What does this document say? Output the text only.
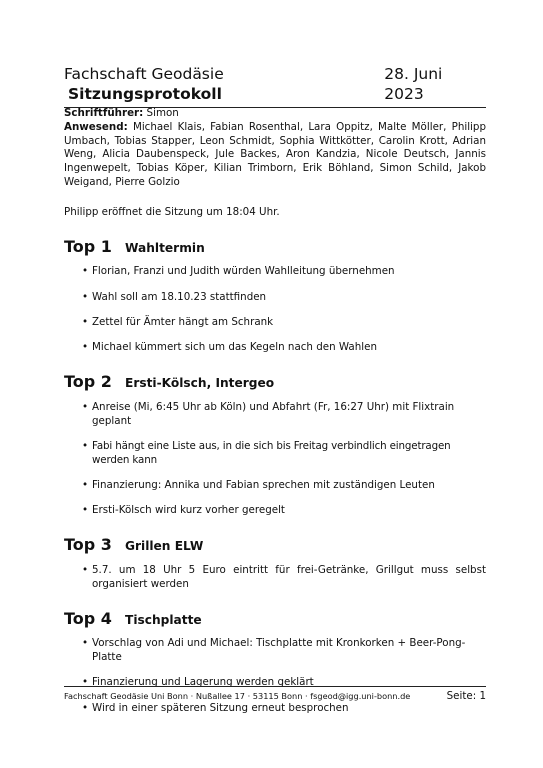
Fachschaft Geodäsie Sitzungsprotokoll
28. Juni 2023

Schriftführer: Simon

Anwesend: Michael Klais, Fabian Rosenthal, Lara Oppitz, Malte Möller, Philipp Umbach, Tobias Stapper, Leon Schmidt, Sophia Wittkötter, Carolin Krott, Adrian Weng, Alicia Daubenspeck, Jule Backes, Aron Kandzia, Nicole Deutsch, Jannis Ingenwepelt, Tobias Köper, Kilian Trimborn, Erik Böhland, Simon Schild, Jakob Weigand, Pierre Golzio

Philipp eröffnet die Sitzung um 18:04 Uhr.

Top 1	Wahltermin
• Florian, Franzi und Judith würden Wahlleitung übernehmen
• Wahl soll am 18.10.23 stattfinden
• Zettel für Ämter hängt am Schrank
• Michael kümmert sich um das Kegeln nach den Wahlen
Top 2	Ersti-Kölsch, Intergeo
• Anreise (Mi, 6:45 Uhr ab Köln) und Abfahrt (Fr, 16:27 Uhr) mit Flixtrain geplant
• Fabi hängt eine Liste aus, in die sich bis Freitag verbindlich eingetragen werden kann
• Finanzierung: Annika und Fabian sprechen mit zuständigen Leuten
• Ersti-Kölsch wird kurz vorher geregelt
Top 3	Grillen ELW
• 5.7. um 18 Uhr 5 Euro eintritt für frei-Getränke, Grillgut muss selbst organisiert werden
Top 4	Tischplatte
• Vorschlag von Adi und Michael: Tischplatte mit Kronkorken + Beer-Pong-Platte
• Finanzierung und Lagerung werden geklärt
• Wird in einer späteren Sitzung erneut besprochen
Fachschaft Geodäsie Uni Bonn · Nußallee 17 · 53115 Bonn · fsgeod@igg.uni-bonn.de	Seite: 1
